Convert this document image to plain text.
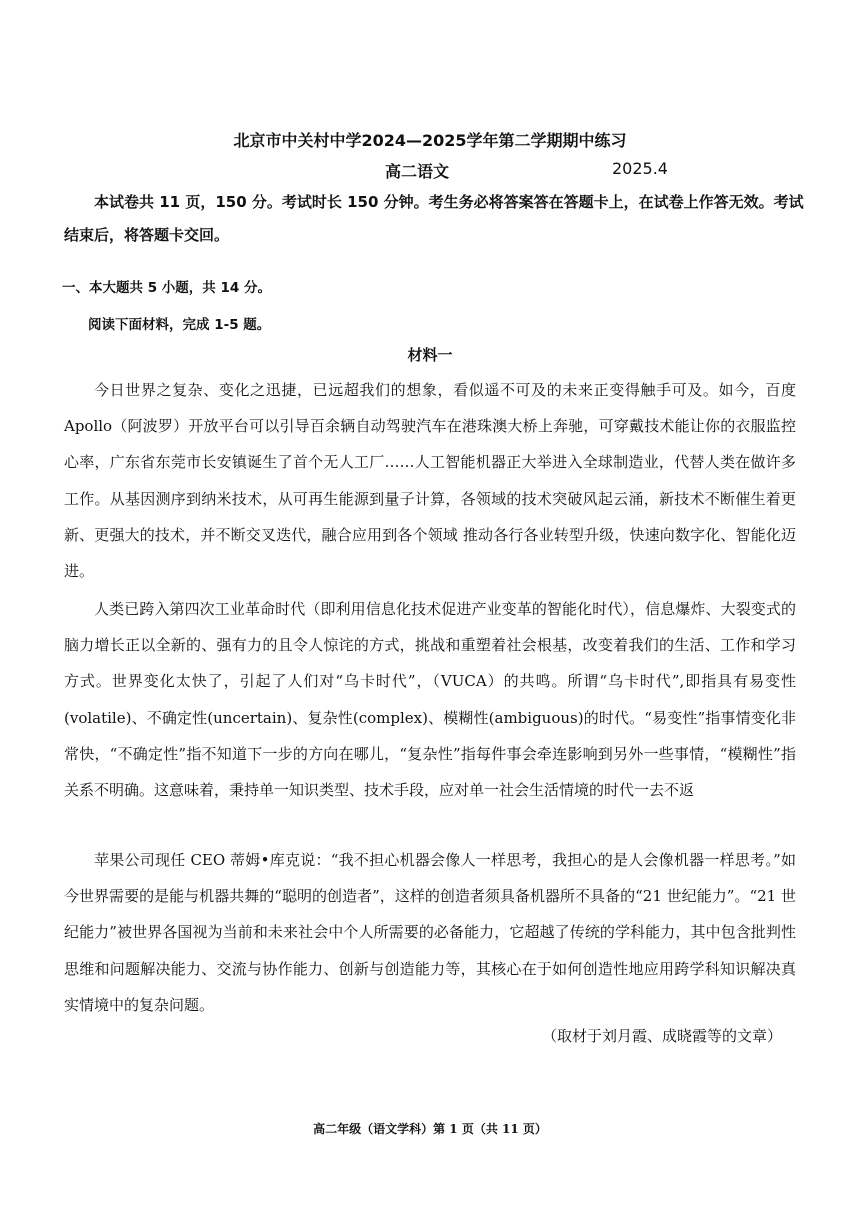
北京市中关村中学2024—2025学年第二学期期中练习
高二语文	2025.4
本试卷共 11 页，150 分。考试时长 150 分钟。考生务必将答案答在答题卡上，在试卷上作答无效。考试结束后，将答题卡交回。
一、本大题共 5 小题，共 14 分。
阅读下面材料，完成 1-5 题。
材料一

今日世界之复杂、变化之迅捷，已远超我们的想象，看似遥不可及的未来正变得触手可及。如今，百度 Apollo（阿波罗）开放平台可以引导百余辆自动驾驶汽车在港珠澳大桥上奔驰，可穿戴技术能让你的衣服监控心率，广东省东莞市长安镇诞生了首个无人工厂……人工智能机器正大举进入全球制造业，代替人类在做许多工作。从基因测序到纳米技术，从可再生能源到量子计算，各领域的技术突破风起云涌，新技术不断催生着更新、更强大的技术，并不断交叉迭代，融合应用到各个领域 推动各行各业转型升级，快速向数字化、智能化迈进。

人类已跨入第四次工业革命时代（即利用信息化技术促进产业变革的智能化时代），信息爆炸、大裂变式的脑力增长正以全新的、强有力的且令人惊诧的方式，挑战和重塑着社会根基，改变着我们的生活、工作和学习方式。世界变化太快了，引起了人们对“乌卡时代”，（VUCA）的共鸣。所谓“乌卡时代”,即指具有易变性(volatile)、不确定性(uncertain)、复杂性(complex)、模糊性(ambiguous)的时代。“易变性”指事情变化非常快，“不确定性”指不知道下一步的方向在哪儿，“复杂性”指每件事会牵连影响到另外一些事情，“模糊性”指关系不明确。这意味着，秉持单一知识类型、技术手段，应对单一社会生活情境的时代一去不返

苹果公司现任 CEO 蒂姆•库克说：“我不担心机器会像人一样思考，我担心的是人会像机器一样思考。”如今世界需要的是能与机器共舞的“聪明的创造者”，这样的创造者须具备机器所不具备的“21 世纪能力”。“21 世纪能力”被世界各国视为当前和未来社会中个人所需要的必备能力，它超越了传统的学科能力，其中包含批判性思维和问题解决能力、交流与协作能力、创新与创造能力等，其核心在于如何创造性地应用跨学科知识解决真实情境中的复杂问题。

（取材于刘月霞、成晓霞等的文章）
高二年级（语文学科）第 1 页（共 11 页）
